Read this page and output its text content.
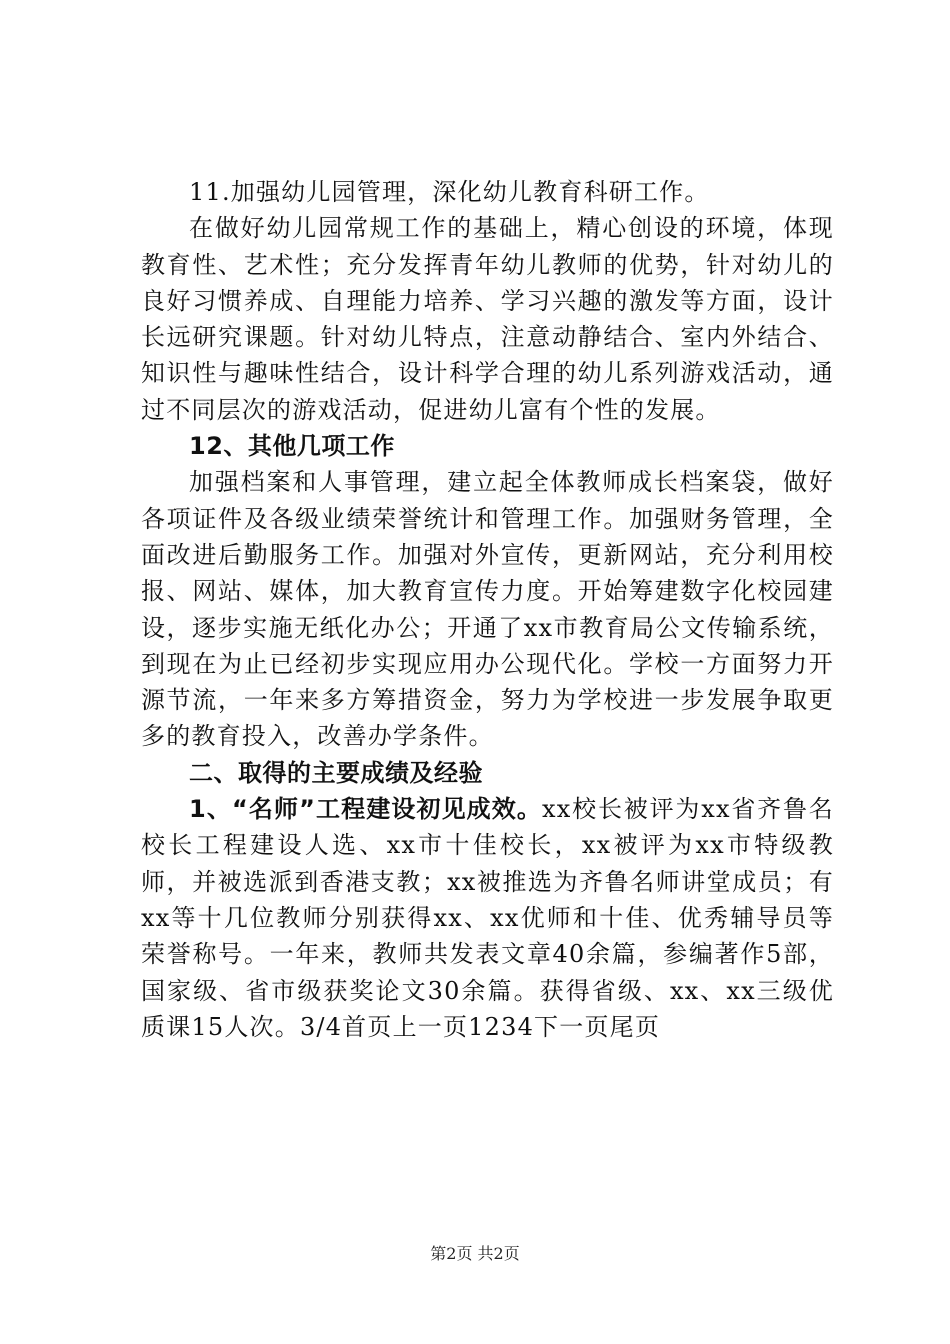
11.加强幼儿园管理，深化幼儿教育科研工作。

在做好幼儿园常规工作的基础上，精心创设的环境，体现教育性、艺术性；充分发挥青年幼儿教师的优势，针对幼儿的良好习惯养成、自理能力培养、学习兴趣的激发等方面，设计长远研究课题。针对幼儿特点，注意动静结合、室内外结合、知识性与趣味性结合，设计科学合理的幼儿系列游戏活动，通过不同层次的游戏活动，促进幼儿富有个性的发展。

12、其他几项工作

加强档案和人事管理，建立起全体教师成长档案袋，做好各项证件及各级业绩荣誉统计和管理工作。加强财务管理，全面改进后勤服务工作。加强对外宣传，更新网站，充分利用校报、网站、媒体，加大教育宣传力度。开始筹建数字化校园建设，逐步实施无纸化办公；开通了xx市教育局公文传输系统，到现在为止已经初步实现应用办公现代化。学校一方面努力开源节流，一年来多方筹措资金，努力为学校进一步发展争取更多的教育投入，改善办学条件。

二、取得的主要成绩及经验

1、“名师”工程建设初见成效。xx校长被评为xx省齐鲁名校长工程建设人选、xx市十佳校长，xx被评为xx市特级教师，并被选派到香港支教；xx被推选为齐鲁名师讲堂成员；有xx等十几位教师分别获得xx、xx优师和十佳、优秀辅导员等荣誉称号。一年来，教师共发表文章40余篇，参编著作5部，国家级、省市级获奖论文30余篇。获得省级、xx、xx三级优质课15人次。3/4首页上一页1234下一页尾页

第2页 共2页
